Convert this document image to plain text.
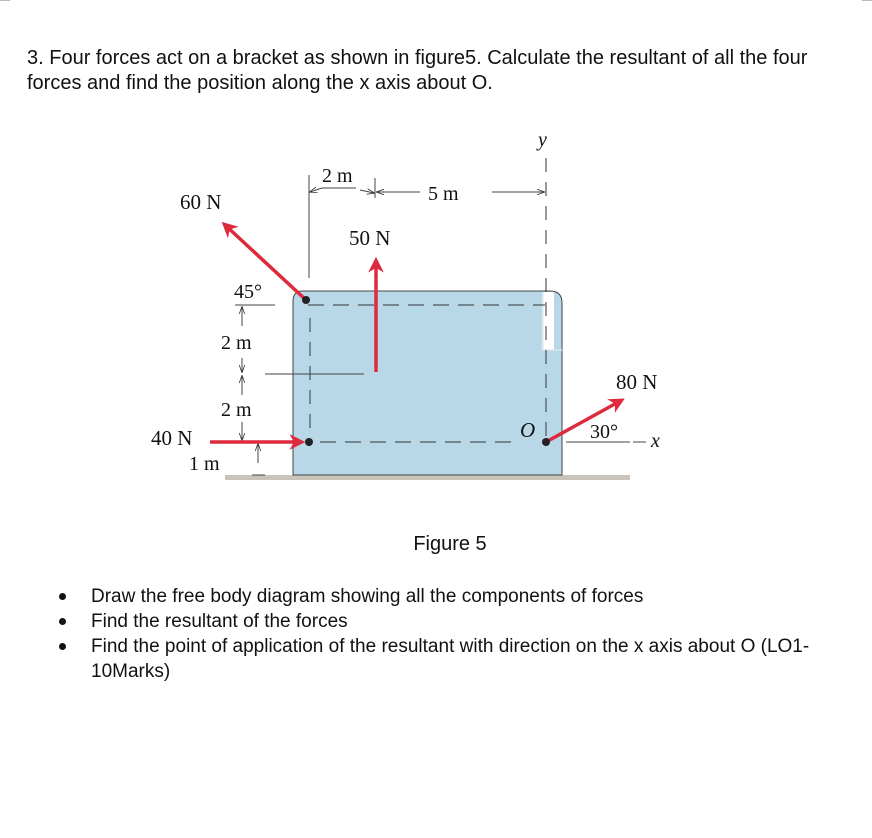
3. Four forces act on a bracket as shown in figure5. Calculate the resultant of all the four forces and find the position along the x axis about O.

y
2 m
5 m
60 N
50 N
45°
2 m
2 m
40 N
1 m
80 N
O	30° x
Figure 5
Draw the free body diagram showing all the components of forces
Find the resultant of the forces
Find the point of application of the resultant with direction on the x axis about O (LO1-10Marks)
